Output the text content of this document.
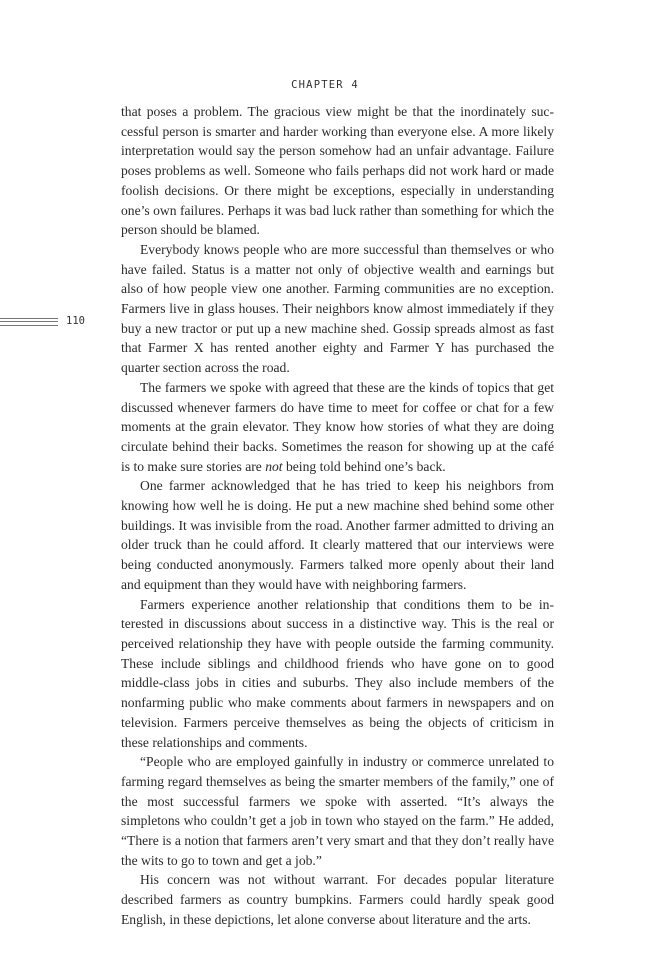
CHAPTER 4
110

that poses a problem. The gracious view might be that the inordinately successful person is smarter and harder working than everyone else. A more likely interpretation would say the person somehow had an unfair advantage. Failure poses problems as well. Someone who fails perhaps did not work hard or made foolish decisions. Or there might be exceptions, especially in understanding one’s own failures. Perhaps it was bad luck rather than something for which the person should be blamed.

Everybody knows people who are more successful than themselves or who have failed. Status is a matter not only of objective wealth and earnings but also of how people view one another. Farming communities are no exception. Farmers live in glass houses. Their neighbors know almost immediately if they buy a new tractor or put up a new machine shed. Gossip spreads almost as fast that Farmer X has rented another eighty and Farmer Y has purchased the quarter section across the road.

The farmers we spoke with agreed that these are the kinds of topics that get discussed whenever farmers do have time to meet for coffee or chat for a few moments at the grain elevator. They know how stories of what they are doing circulate behind their backs. Sometimes the reason for showing up at the café is to make sure stories are not being told behind one’s back.

One farmer acknowledged that he has tried to keep his neighbors from knowing how well he is doing. He put a new machine shed behind some other buildings. It was invisible from the road. Another farmer admitted to driving an older truck than he could afford. It clearly mattered that our interviews were being conducted anonymously. Farmers talked more openly about their land and equipment than they would have with neighboring farmers.

Farmers experience another relationship that conditions them to be interested in discussions about success in a distinctive way. This is the real or perceived relationship they have with people outside the farming community. These include siblings and childhood friends who have gone on to good middle-class jobs in cities and suburbs. They also include members of the nonfarming public who make comments about farmers in newspapers and on television. Farmers perceive themselves as being the objects of criticism in these relationships and comments.

“People who are employed gainfully in industry or commerce unrelated to farming regard themselves as being the smarter members of the family,” one of the most successful farmers we spoke with asserted. “It’s always the simpletons who couldn’t get a job in town who stayed on the farm.” He added, “There is a notion that farmers aren’t very smart and that they don’t really have the wits to go to town and get a job.”

His concern was not without warrant. For decades popular literature described farmers as country bumpkins. Farmers could hardly speak good English, in these depictions, let alone converse about literature and the arts.
